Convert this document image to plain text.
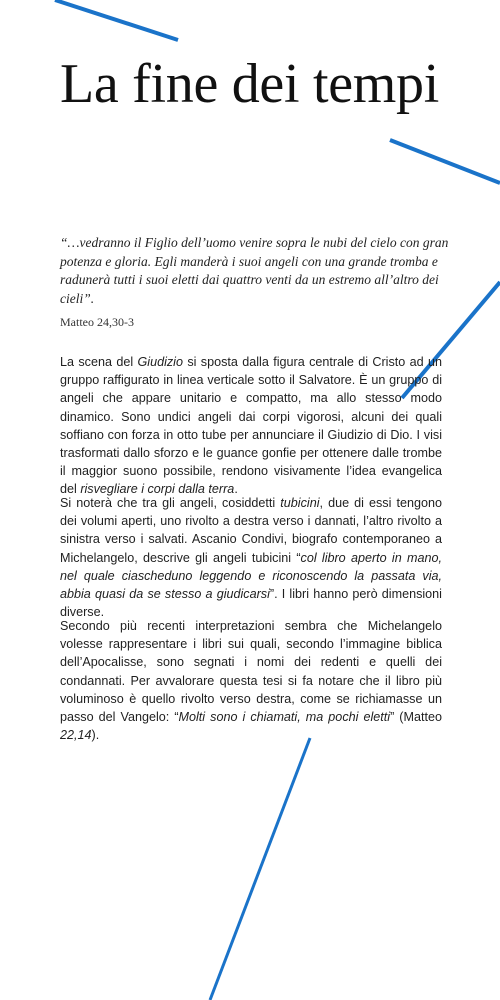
La fine dei tempi

“…vedranno il Figlio dell’uomo venire sopra le nubi del cielo con gran potenza e gloria. Egli manderà i suoi angeli con una grande tromba e radunerà tutti i suoi eletti dai quattro venti da un estremo all’altro dei cieli”.

Matteo 24,30-3

La scena del Giudizio si sposta dalla figura centrale di Cristo ad un gruppo raffigurato in linea verticale sotto il Salvatore. È un gruppo di angeli che appare unitario e compatto, ma allo stesso modo dinamico. Sono undici angeli dai corpi vigorosi, alcuni dei quali soffiano con forza in otto tube per annunciare il Giudizio di Dio. I visi trasformati dallo sforzo e le guance gonfie per ottenere dalle trombe il maggior suono possibile, rendono visivamente l’idea evangelica del risvegliare i corpi dalla terra.

Si noterà che tra gli angeli, cosiddetti tubicini, due di essi tengono dei volumi aperti, uno rivolto a destra verso i dannati, l’altro rivolto a sinistra verso i salvati. Ascanio Condivi, biografo contemporaneo a Michelangelo, descrive gli angeli tubicini “col libro aperto in mano, nel quale ciascheduno leggendo e riconoscendo la passata via, abbia quasi da se stesso a giudicarsi”. I libri hanno però dimensioni diverse.

Secondo più recenti interpretazioni sembra che Michelangelo volesse rappresentare i libri sui quali, secondo l’immagine biblica dell’Apocalisse, sono segnati i nomi dei redenti e quelli dei condannati. Per avvalorare questa tesi si fa notare che il libro più voluminoso è quello rivolto verso destra, come se richiamasse un passo del Vangelo: “Molti sono i chiamati, ma pochi eletti” (Matteo 22,14).
